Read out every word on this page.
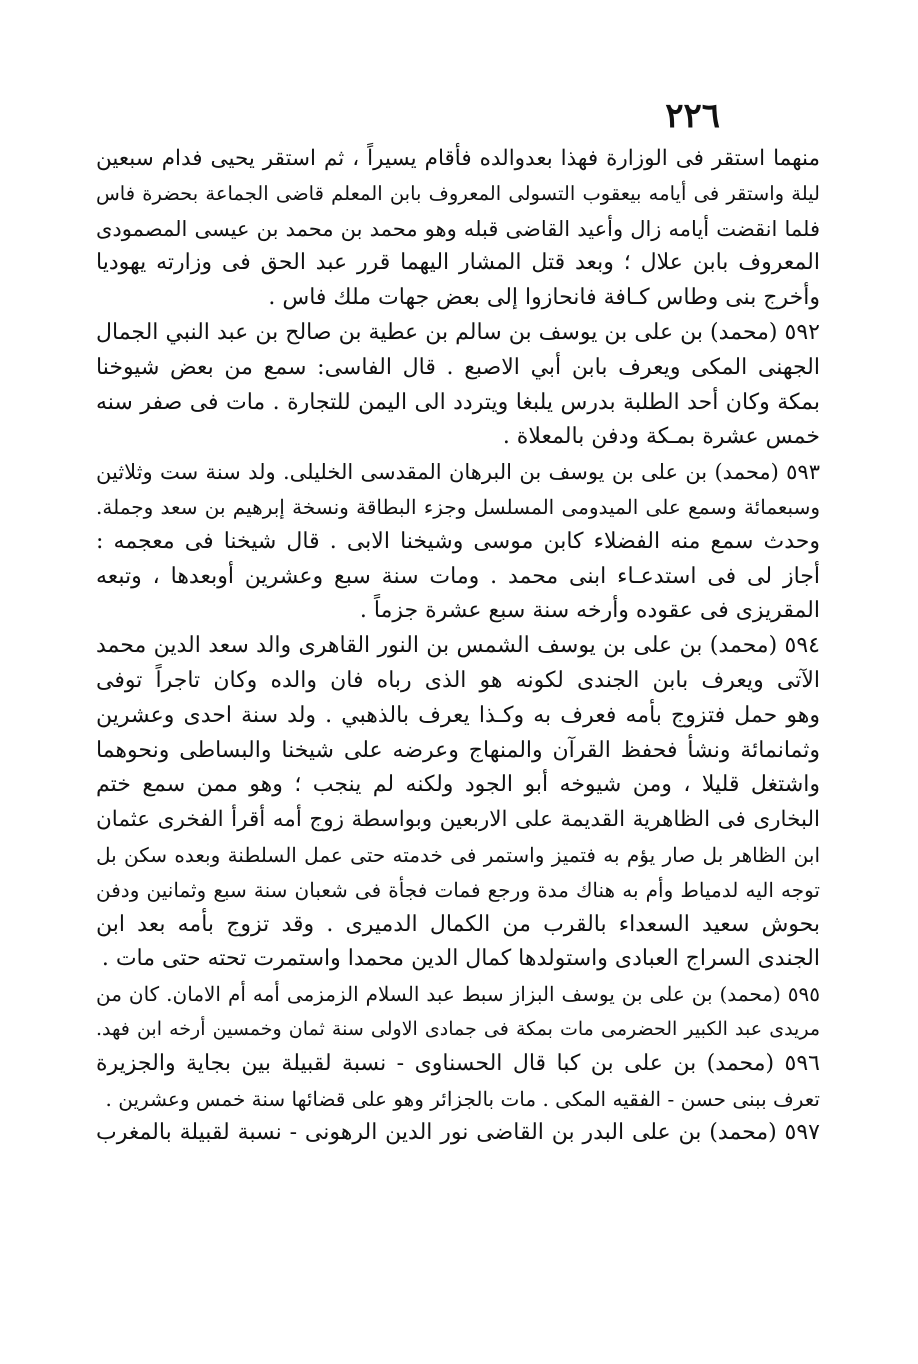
٢٢٦
منهما استقر فى الوزارة فهذا بعدوالده فأقام يسيراً ، ثم استقر يحيى فدام سبعين
ليلة واستقر فى أيامه بيعقوب التسولى المعروف بابن المعلم قاضى الجماعة بحضرة فاس
فلما انقضت أيامه زال وأعيد القاضى قبله وهو محمد بن محمد بن عيسى المصمودى
المعروف بابن علال ؛ وبعد قتل المشار اليهما قرر عبد الحق فى وزارته يهوديا
وأخرج بنى وطاس كـافة فانحازوا إلى بعض جهات ملك فاس .
٥٩٢ (محمد) بن على بن يوسف بن سالم بن عطية بن صالح بن عبد النبي الجمال
الجهنى المكى ويعرف بابن أبي الاصبع . قال الفاسى: سمع من بعض شيوخنا
بمكة وكان أحد الطلبة بدرس يلبغا ويتردد الى اليمن للتجارة . مات فى صفر سنه
خمس عشرة بمـكة ودفن بالمعلاة .
٥٩٣ (محمد) بن على بن يوسف بن البرهان المقدسى الخليلى. ولد سنة ست وثلاثين
وسبعمائة وسمع على الميدومى المسلسل وجزء البطاقة ونسخة إبرهيم بن سعد وجملة.
وحدث سمع منه الفضلاء كابن موسى وشيخنا الابى . قال شيخنا فى معجمه :
أجاز لى فى استدعـاء ابنى محمد . ومات سنة سبع وعشرين أوبعدها ، وتبعه
المقريزى فى عقوده وأرخه سنة سبع عشرة جزماً .
٥٩٤ (محمد) بن على بن يوسف الشمس بن النور القاهرى والد سعد الدين محمد
الآتى ويعرف بابن الجندى لكونه هو الذى رباه فان والده وكان تاجراً توفى
وهو حمل فتزوج بأمه فعرف به وكـذا يعرف بالذهبي . ولد سنة احدى وعشرين
وثمانمائة ونشأ فحفظ القرآن والمنهاج وعرضه على شيخنا والبساطى ونحوهما
واشتغل قليلا ، ومن شيوخه أبو الجود ولكنه لم ينجب ؛ وهو ممن سمع ختم
البخارى فى الظاهرية القديمة على الاربعين وبواسطة زوج أمه أقرأ الفخرى عثمان
ابن الظاهر بل صار يؤم به فتميز واستمر فى خدمته حتى عمل السلطنة وبعده سكن بل
توجه اليه لدمياط وأم به هناك مدة ورجع فمات فجأة فى شعبان سنة سبع وثمانين ودفن
بحوش سعيد السعداء بالقرب من الكمال الدميرى . وقد تزوج بأمه بعد ابن
الجندى السراج العبادى واستولدها كمال الدين محمدا واستمرت تحته حتى مات .
٥٩٥ (محمد) بن على بن يوسف البزاز سبط عبد السلام الزمزمى أمه أم الامان. كان من
مريدى عبد الكبير الحضرمى مات بمكة فى جمادى الاولى سنة ثمان وخمسين أرخه ابن فهد.
٥٩٦ (محمد) بن على بن كبا قال الحسناوى - نسبة لقبيلة بين بجاية والجزيرة
تعرف ببنى حسن - الفقيه المكى . مات بالجزائر وهو على قضائها سنة خمس وعشرين .
٥٩٧ (محمد) بن على البدر بن القاضى نور الدين الرهونى - نسبة لقبيلة بالمغرب
